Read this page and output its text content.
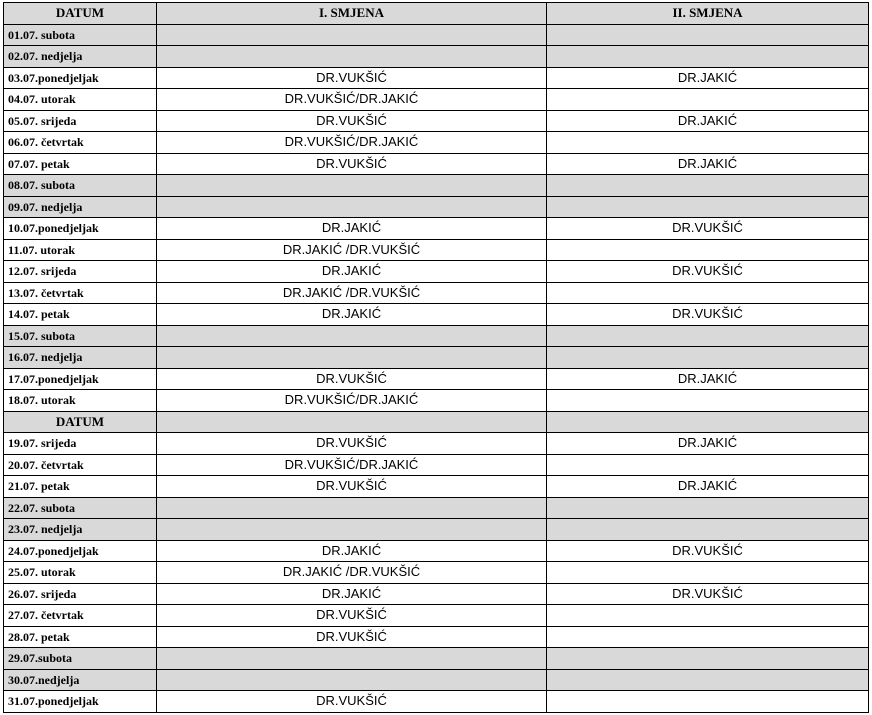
DATUM	I. SMJENA	II. SMJENA
01.07. subota		
02.07. nedjelja		
03.07.ponedjeljak	DR.VUKŠIĆ	DR.JAKIĆ
04.07. utorak	DR.VUKŠIĆ/DR.JAKIĆ	
05.07. srijeda	DR.VUKŠIĆ	DR.JAKIĆ
06.07. četvrtak	DR.VUKŠIĆ/DR.JAKIĆ	
07.07. petak	DR.VUKŠIĆ	DR.JAKIĆ
08.07. subota		
09.07. nedjelja		
10.07.ponedjeljak	DR.JAKIĆ	DR.VUKŠIĆ
11.07. utorak	DR.JAKIĆ /DR.VUKŠIĆ	
12.07. srijeda	DR.JAKIĆ	DR.VUKŠIĆ
13.07. četvrtak	DR.JAKIĆ /DR.VUKŠIĆ	
14.07. petak	DR.JAKIĆ	DR.VUKŠIĆ
15.07. subota		
16.07. nedjelja		
17.07.ponedjeljak	DR.VUKŠIĆ	DR.JAKIĆ
18.07. utorak	DR.VUKŠIĆ/DR.JAKIĆ	
DATUM		
19.07. srijeda	DR.VUKŠIĆ	DR.JAKIĆ
20.07. četvrtak	DR.VUKŠIĆ/DR.JAKIĆ	
21.07. petak	DR.VUKŠIĆ	DR.JAKIĆ
22.07. subota		
23.07. nedjelja		
24.07.ponedjeljak	DR.JAKIĆ	DR.VUKŠIĆ
25.07. utorak	DR.JAKIĆ /DR.VUKŠIĆ	
26.07. srijeda	DR.JAKIĆ	DR.VUKŠIĆ
27.07. četvrtak	DR.VUKŠIĆ	
28.07. petak	DR.VUKŠIĆ	
29.07.subota		
30.07.nedjelja		
31.07.ponedjeljak	DR.VUKŠIĆ	
